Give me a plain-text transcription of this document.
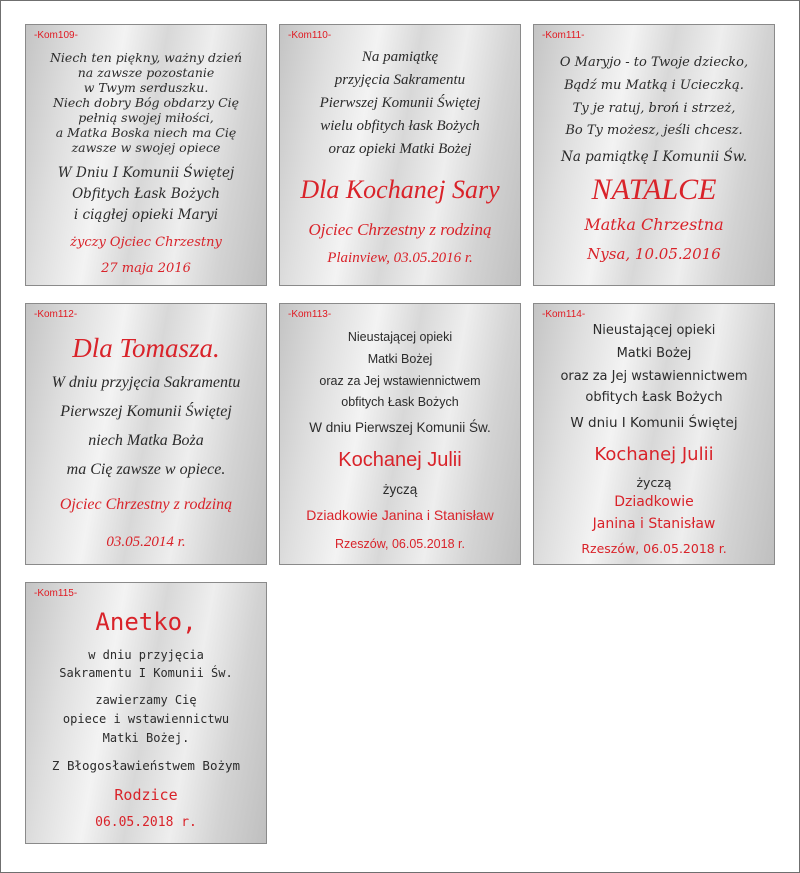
-Kom109-
Niech ten piękny, ważny dzień
na zawsze pozostanie
w Twym serduszku.
Niech dobry Bóg obdarzy Cię
pełnią swojej miłości,
a Matka Boska niech ma Cię
zawsze w swojej opiece
W Dniu I Komunii Świętej
Obfitych Łask Bożych
i ciągłej opieki Maryi
życzy Ojciec Chrzestny
27 maja 2016
-Kom110-
Na pamiątkę
przyjęcia Sakramentu
Pierwszej Komunii Świętej
wielu obfitych łask Bożych
oraz opieki Matki Bożej
Dla Kochanej Sary
Ojciec Chrzestny z rodziną
Plainview, 03.05.2016 r.
-Kom111-
O Maryjo - to Twoje dziecko,
Bądź mu Matką i Ucieczką.
Ty je ratuj, broń i strzeż,
Bo Ty możesz, jeśli chcesz.
Na pamiątkę I Komunii Św.
NATALCE
Matka Chrzestna
Nysa, 10.05.2016
-Kom112-
Dla Tomasza.
W dniu przyjęcia Sakramentu
Pierwszej Komunii Świętej
niech Matka Boża
ma Cię zawsze w opiece.
Ojciec Chrzestny z rodziną
03.05.2014 r.
-Kom113-
Nieustającej opieki
Matki Bożej
oraz za Jej wstawiennictwem
obfitych Łask Bożych
W dniu Pierwszej Komunii Św.
Kochanej Julii
życzą
Dziadkowie Janina i Stanisław
Rzeszów, 06.05.2018 r.
-Kom114-
Nieustającej opieki
Matki Bożej
oraz za Jej wstawiennictwem
obfitych Łask Bożych
W dniu I Komunii Świętej
Kochanej Julii
życzą
Dziadkowie
Janina i Stanisław
Rzeszów, 06.05.2018 r.
-Kom115-
Anetko,
w dniu przyjęcia
Sakramentu I Komunii Św.
zawierzamy Cię
opiece i wstawiennictwu
Matki Bożej.
Z Błogosławieństwem Bożym
Rodzice
06.05.2018 r.
